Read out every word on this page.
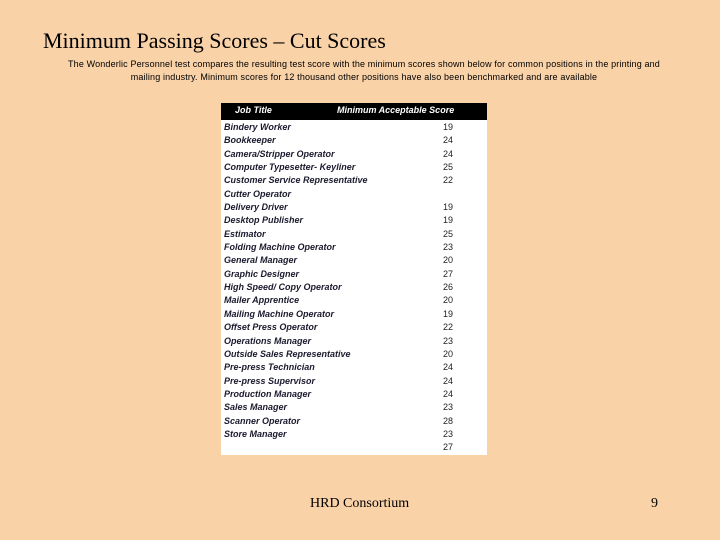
Minimum Passing Scores – Cut Scores
The Wonderlic Personnel test compares the resulting test score with the minimum scores shown below for common positions in the printing and
mailing industry. Minimum scores for 12 thousand other positions have also been benchmarked and are available
Job Title	Minimum Acceptable Score
Bindery Worker
Bookkeeper
Camera/Stripper Operator
Computer Typesetter- Keyliner
Customer Service Representative
Cutter Operator
Delivery Driver
Desktop Publisher
Estimator
Folding Machine Operator
General Manager
Graphic Designer
High Speed/ Copy Operator
Mailer Apprentice
Mailing Machine Operator
Offset Press Operator
Operations Manager
Outside Sales Representative
Pre-press Technician
Pre-press Supervisor
Production Manager
Sales Manager
Scanner Operator
Store Manager
19
24
24
25
22
19
19
25
23
20
27
26
20
19
22
23
20
24
24
24
23
28
23
27
HRD Consortium	9
